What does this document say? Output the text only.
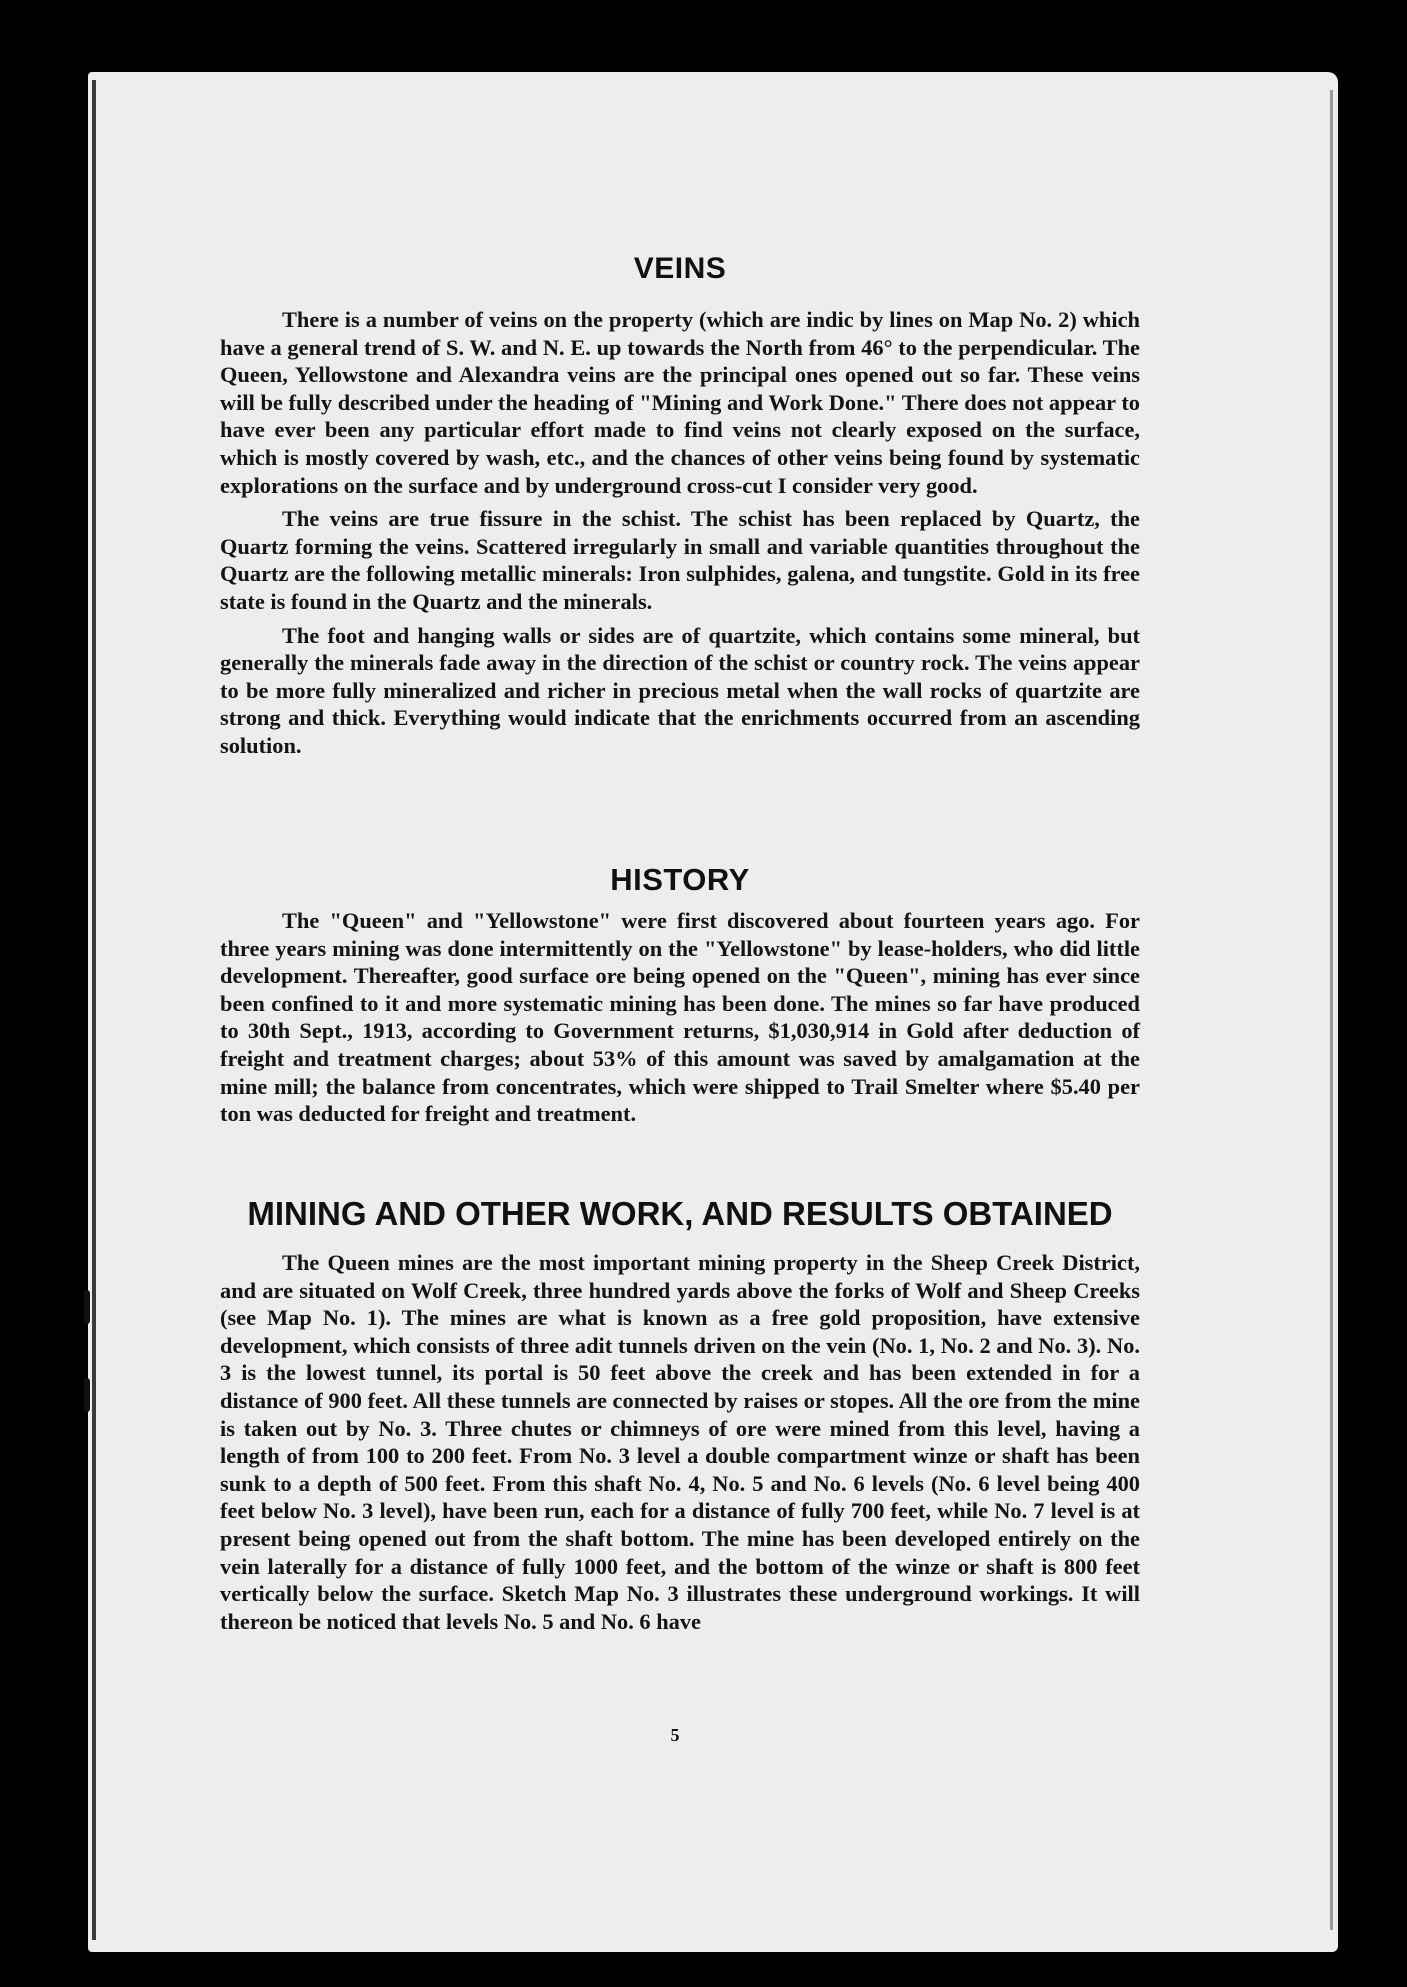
VEINS

There is a number of veins on the property (which are indic by lines on Map No. 2) which have a general trend of S. W. and N. E. up towards the North from 46° to the perpendicular. The Queen, Yellowstone and Alexandra veins are the principal ones opened out so far. These veins will be fully described under the heading of "Mining and Work Done." There does not appear to have ever been any particular effort made to find veins not clearly exposed on the surface, which is mostly covered by wash, etc., and the chances of other veins being found by systematic explorations on the surface and by underground cross-cut I consider very good.

The veins are true fissure in the schist. The schist has been replaced by Quartz, the Quartz forming the veins. Scattered irregularly in small and variable quantities throughout the Quartz are the following metallic minerals: Iron sulphides, galena, and tungstite. Gold in its free state is found in the Quartz and the minerals.

The foot and hanging walls or sides are of quartzite, which contains some mineral, but generally the minerals fade away in the direction of the schist or country rock. The veins appear to be more fully mineralized and richer in precious metal when the wall rocks of quartzite are strong and thick. Everything would indicate that the enrichments occurred from an ascending solution.

HISTORY

The "Queen" and "Yellowstone" were first discovered about fourteen years ago. For three years mining was done intermittently on the "Yellowstone" by lease-holders, who did little development. Thereafter, good surface ore being opened on the "Queen", mining has ever since been confined to it and more systematic mining has been done. The mines so far have produced to 30th Sept., 1913, according to Government returns, $1,030,914 in Gold after deduction of freight and treatment charges; about 53% of this amount was saved by amalgamation at the mine mill; the balance from concentrates, which were shipped to Trail Smelter where $5.40 per ton was deducted for freight and treatment.

MINING AND OTHER WORK, AND RESULTS OBTAINED

The Queen mines are the most important mining property in the Sheep Creek District, and are situated on Wolf Creek, three hundred yards above the forks of Wolf and Sheep Creeks (see Map No. 1). The mines are what is known as a free gold proposition, have extensive development, which consists of three adit tunnels driven on the vein (No. 1, No. 2 and No. 3). No. 3 is the lowest tunnel, its portal is 50 feet above the creek and has been extended in for a distance of 900 feet. All these tunnels are connected by raises or stopes. All the ore from the mine is taken out by No. 3. Three chutes or chimneys of ore were mined from this level, having a length of from 100 to 200 feet. From No. 3 level a double compartment winze or shaft has been sunk to a depth of 500 feet. From this shaft No. 4, No. 5 and No. 6 levels (No. 6 level being 400 feet below No. 3 level), have been run, each for a distance of fully 700 feet, while No. 7 level is at present being opened out from the shaft bottom. The mine has been developed entirely on the vein laterally for a distance of fully 1000 feet, and the bottom of the winze or shaft is 800 feet vertically below the surface. Sketch Map No. 3 illustrates these underground workings. It will thereon be noticed that levels No. 5 and No. 6 have

5
